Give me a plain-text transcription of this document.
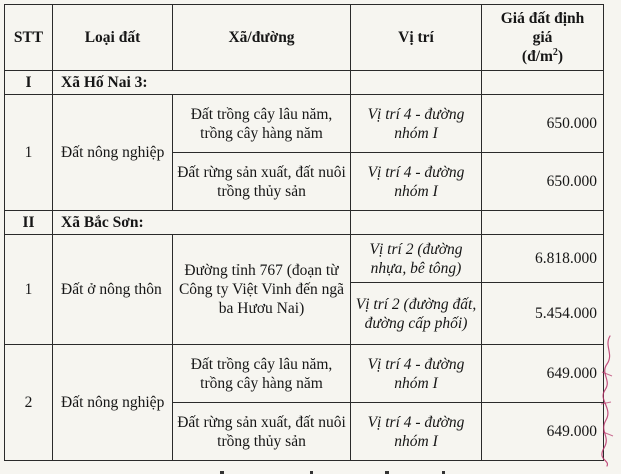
STT	Loại đất	Xã/đường	Vị trí	Giá đất định
giá
$(đ/m^2)$
I	Xã Hố Nai 3:			
1	Đất nông nghiệp	Đất trồng cây lâu năm, trồng cây hàng năm	Vị trí 4 - đường nhóm I	650.000
		Đất rừng sản xuất, đất nuôi trồng thủy sản	Vị trí 4 - đường nhóm I	650.000
II	Xã Bắc Sơn:			
1	Đất ở nông thôn	Đường tỉnh 767 (đoạn từ Công ty Việt Vinh đến ngã ba Hươu Nai)	Vị trí 2 (đường nhựa, bê tông)	6.818.000
			Vị trí 2 (đường đất, đường cấp phối)	5.454.000
2	Đất nông nghiệp	Đất trồng cây lâu năm, trồng cây hàng năm	Vị trí 4 - đường nhóm I	649.000
		Đất rừng sản xuất, đất nuôi trồng thủy sản	Vị trí 4 - đường nhóm I	649.000
